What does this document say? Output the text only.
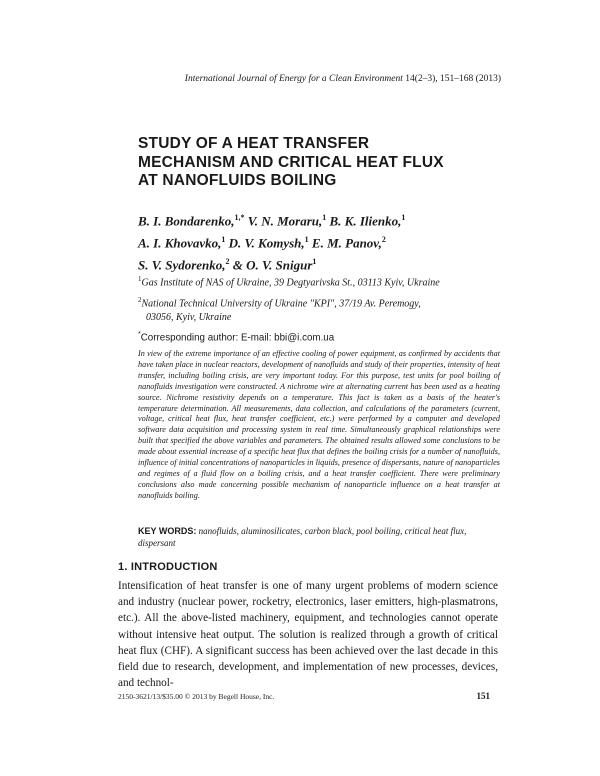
International Journal of Energy for a Clean Environment 14(2–3), 151–168 (2013)
STUDY OF A HEAT TRANSFER
MECHANISM AND CRITICAL HEAT FLUX
AT NANOFLUIDS BOILING
B. I. Bondarenko,$^{1,*}$ V. N. Moraru,$^1$ B. K. Ilienko,$^1$
A. I. Khovavko,$^1$ D. V. Komysh,$^1$ E. M. Panov,$^2$
S. V. Sydorenko,$^2$ & O. V. Snigur$^1$
$^1$Gas Institute of NAS of Ukraine, 39 Degtyarivska St., 03113 Kyiv, Ukraine
$^2$National Technical University of Ukraine "KPI", 37/19 Av. Peremogy,
03056, Kyiv, Ukraine
*Corresponding author: E-mail: bbi@i.com.ua

In view of the extreme importance of an effective cooling of power equipment, as confirmed by accidents that have taken place in nuclear reactors, development of nanofluids and study of their properties, intensity of heat transfer, including boiling crisis, are very important today. For this purpose, test units for pool boiling of nanofluids investigation were constructed. A nichrome wire at alternating current has been used as a heating source. Nichrome resistivity depends on a temperature. This fact is taken as a basis of the heater's temperature determination. All measurements, data collection, and calculations of the parameters (current, voltage, critical heat flux, heat transfer coefficient, etc.) were performed by a computer and developed software data acquisition and processing system in real time. Simultaneously graphical relationships were built that specified the above variables and parameters. The obtained results allowed some conclusions to be made about essential increase of a specific heat flux that defines the boiling crisis for a number of nanofluids, influence of initial concentrations of nanoparticles in liquids, presence of dispersants, nature of nanoparticles and regimes of a fluid flow on a boiling crisis, and a heat transfer coefficient. There were preliminary conclusions also made concerning possible mechanism of nanoparticle influence on a heat transfer at nanofluids boiling.

KEY WORDS: nanofluids, aluminosilicates, carbon black, pool boiling, critical heat flux, dispersant
1. INTRODUCTION

Intensification of heat transfer is one of many urgent problems of modern science and industry (nuclear power, rocketry, electronics, laser emitters, high-plasmatrons, etc.). All the above-listed machinery, equipment, and technologies cannot operate without intensive heat output. The solution is realized through a growth of critical heat flux (CHF). A significant success has been achieved over the last decade in this field due to research, development, and implementation of new processes, devices, and technol-

2150-3621/13/$35.00 © 2013 by Begell House, Inc.	151
